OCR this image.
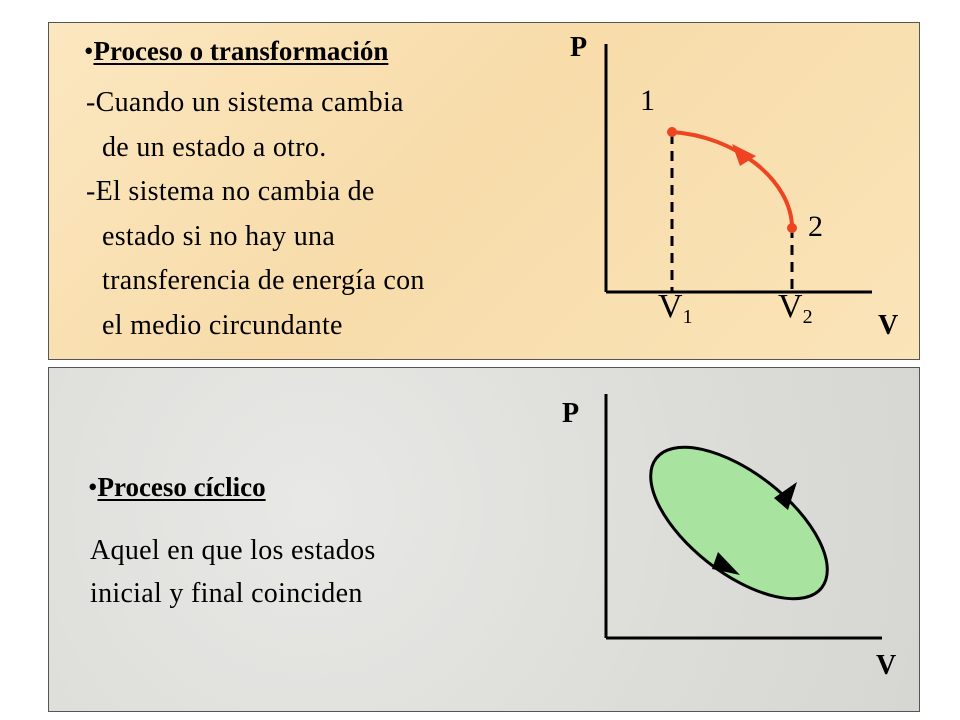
•Proceso o transformación
-Cuando un sistema cambia
de un estado a otro.
-El sistema no cambia de
estado si no hay una
transferencia de energía con
el medio circundante
P
V
1
2
$V_1$	$V_2$
•Proceso cíclico
Aquel en que los estados
inicial y final coinciden
P
V
